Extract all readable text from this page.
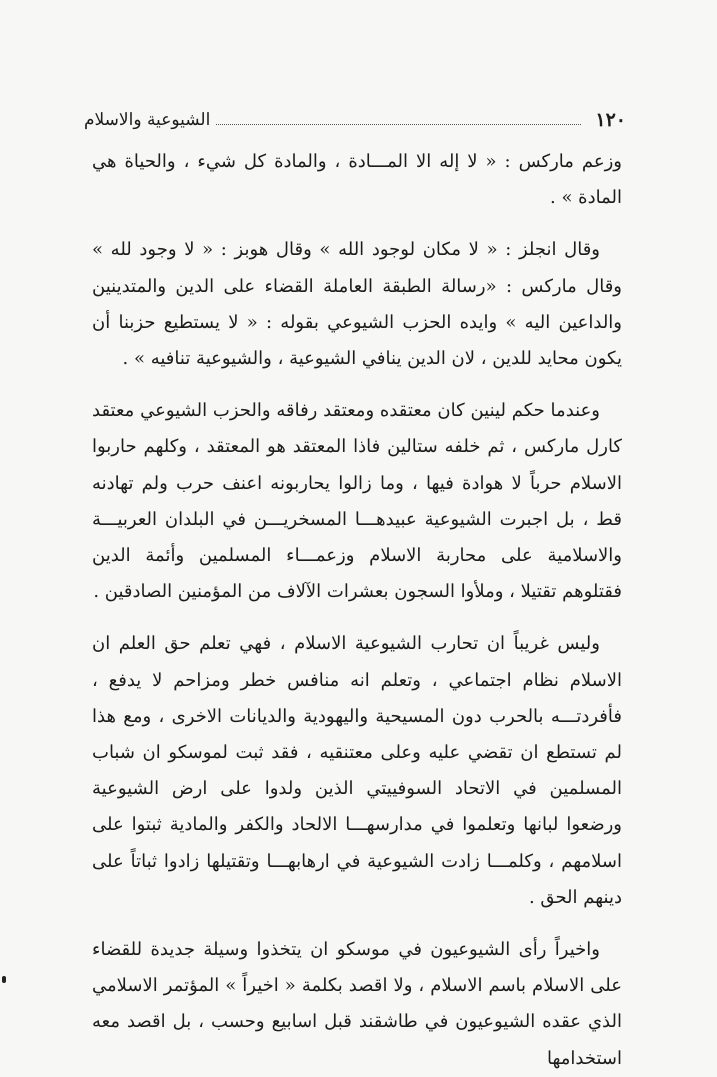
١٢٠
الشيوعية والاسلام

وزعم ماركس : « لا إله الا المـــادة ، والمادة كل شيء ، والحياة هي المادة » .

وقال انجلز : « لا مكان لوجود الله » وقال هوبز : « لا وجود لله » وقال ماركس : «رسالة الطبقة العاملة القضاء على الدين والمتدينين والداعين اليه » وايده الحزب الشيوعي بقوله : « لا يستطيع حزبنا أن يكون محايد للدين ، لان الدين ينافي الشيوعية ، والشيوعية تنافيه » .

وعندما حكم لينين كان معتقده ومعتقد رفاقه والحزب الشيوعي معتقد كارل ماركس ، ثم خلفه ستالين فاذا المعتقد هو المعتقد ، وكلهم حاربوا الاسلام حرباً لا هوادة فيها ، وما زالوا يحاربونه اعنف حرب ولم تهادنه قط ، بل اجبرت الشيوعية عبيدهـــا المسخريـــن في البلدان العربيـــة والاسلامية على محاربة الاسلام وزعمـــاء المسلمين وأئمة الدين فقتلوهم تقتيلا ، وملأوا السجون بعشرات الآلاف من المؤمنين الصادقين .

وليس غريباً ان تحارب الشيوعية الاسلام ، فهي تعلم حق العلم ان الاسلام نظام اجتماعي ، وتعلم انه منافس خطر ومزاحم لا يدفع ، فأفردتـــه بالحرب دون المسيحية واليهودية والديانات الاخرى ، ومع هذا لم تستطع ان تقضي عليه وعلى معتنقيه ، فقد ثبت لموسكو ان شباب المسلمين في الاتحاد السوفييتي الذين ولدوا على ارض الشيوعية ورضعوا لبانها وتعلموا في مدارسهـــا الالحاد والكفر والمادية ثبتوا على اسلامهم ، وكلمـــا زادت الشيوعية في ارهابهـــا وتقتيلها زادوا ثباتاً على دينهم الحق .

واخيراً رأى الشيوعيون في موسكو ان يتخذوا وسيلة جديدة للقضاء على الاسلام باسم الاسلام ، ولا اقصد بكلمة « اخيراً » المؤتمر الاسلامي الذي عقده الشيوعيون في طاشقند قبل اسابيع وحسب ، بل اقصد معه استخدامها
